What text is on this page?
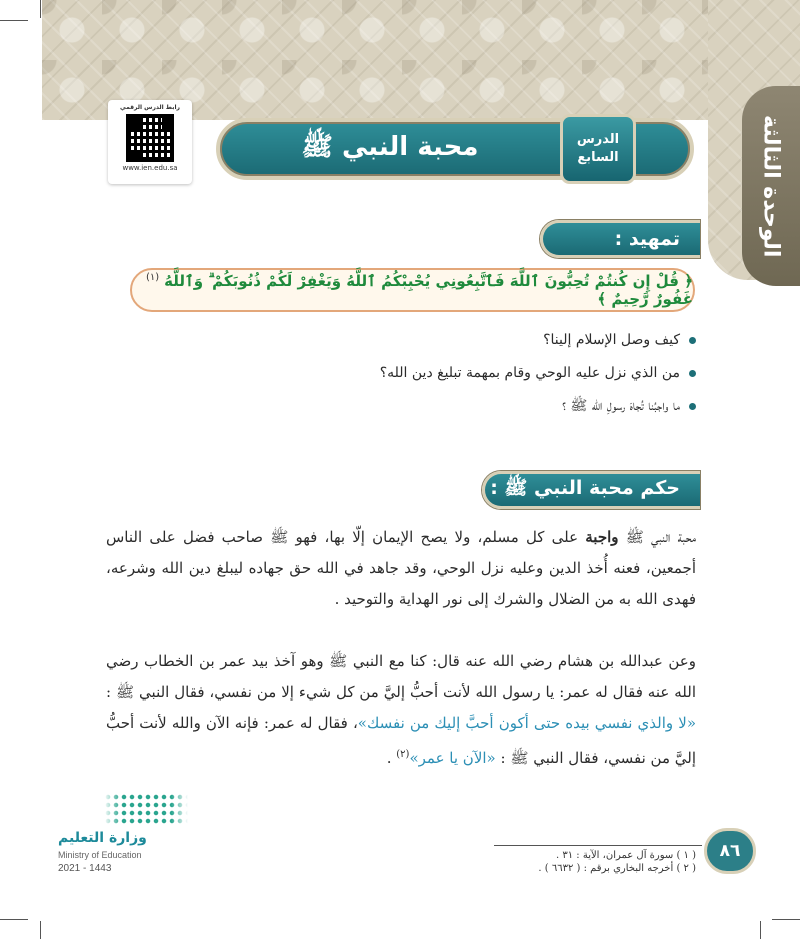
الوحدة الثالثة
رابط الدرس الرقمي
www.ien.edu.sa
محبة النبي ﷺ	الدرس
السابع
تمهيد :
﴿ قُلْ إِن كُنتُمْ تُحِبُّونَ ٱللَّهَ فَٱتَّبِعُونِي يُحْبِبْكُمُ ٱللَّهُ وَيَغْفِرْ لَكُمْ ذُنُوبَكُمْ ۗ وَٱللَّهُ غَفُورٌ رَّحِيمٌ ﴾
(١)
كيف وصل الإسلام إلينا؟
من الذي نزل عليه الوحي وقام بمهمة تبليغ دين الله؟
ما واجبُنا تُجاهَ رسولِ الله ﷺ ؟
حكم محبة النبي ﷺ :

محبة النبي ﷺ واجبة على كل مسلم، ولا يصح الإيمان إلّا بها، فهو ﷺ صاحب فضل على الناس أجمعين، فعنه أُخذ الدين وعليه نزل الوحي، وقد جاهد في الله حق جهاده ليبلغ دين الله وشرعه، فهدى الله به من الضلال والشرك إلى نور الهداية والتوحيد .

وعن عبدالله بن هشام رضي الله عنه قال: كنا مع النبي ﷺ وهو آخذ بيد عمر بن الخطاب رضي الله عنه فقال له عمر: يا رسول الله لأنت أحبُّ إليَّ من كل شيء إلا من نفسي، فقال النبي ﷺ : «لا والذي نفسي بيده حتى أكون أحبَّ إليك من نفسك»، فقال له عمر: فإنه الآن والله لأنت أحبُّ إليَّ من نفسي، فقال النبي ﷺ : «الآن يا عمر»$^{(٢)}$ .

وزارة التعليم
Ministry of Education
2021 - 1443
( ١ ) سورة آل عمران، الآية : ٣١ .
( ٢ ) أخرجه البخاري برقم : ( ٦٦٣٢ ) .
٨٦
